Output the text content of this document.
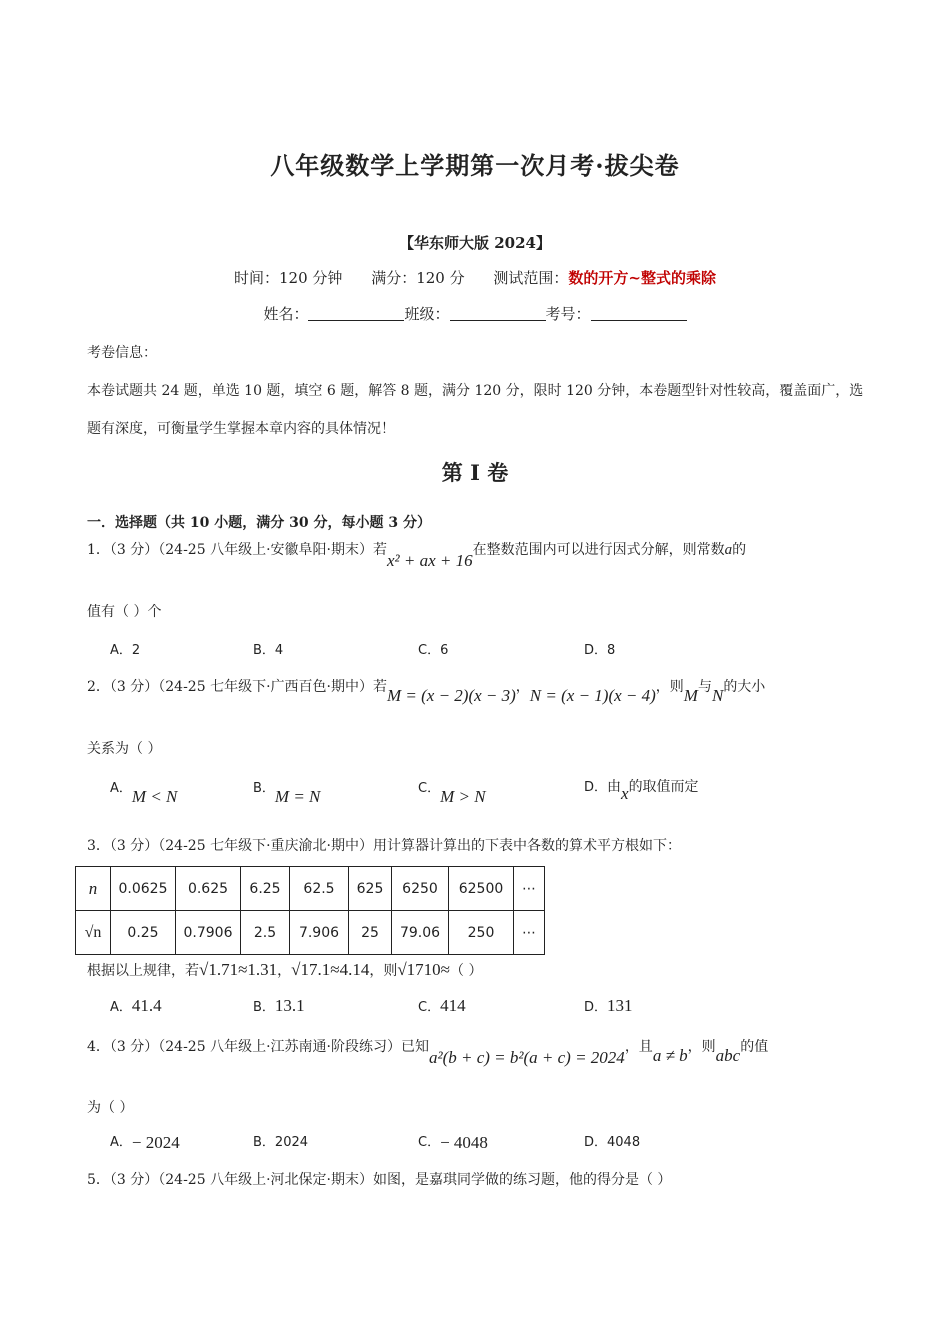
八年级数学上学期第一次月考·拔尖卷
【华东师大版 2024】
时间：120 分钟 满分：120 分 测试范围：数的开方~整式的乘除
姓名：	班级：	考号：
考卷信息：
本卷试题共 24 题，单选 10 题，填空 6 题，解答 8 题，满分 120 分，限时 120 分钟，本卷题型针对性较高，覆盖面广，选题有深度，可衡量学生掌握本章内容的具体情况！
第 I 卷
一．选择题（共 10 小题，满分 30 分，每小题 3 分）
1．（3 分）（24-25 八年级上·安徽阜阳·期末）若x² + ax + 16在整数范围内可以进行因式分解，则常数a的
值有（ ）个
A．2	B．4	C．6	D．8
2．（3 分）（24-25 七年级下·广西百色·期中）若M = (x − 2)(x − 3)，N = (x − 1)(x − 4)，则M与N的大小
关系为（ ）
A．M < N	B．M = N	C．M > N	D．由x的取值而定
3．（3 分）（24-25 七年级下·重庆渝北·期中）用计算器计算出的下表中各数的算术平方根如下：
n	0.0625	0.625	6.25	62.5	625	6250	62500	⋯
√n	0.25	0.7906	2.5	7.906	25	79.06	250	⋯
根据以上规律，若√1.71≈1.31，√17.1≈4.14，则√1710≈（ ）
A．41.4	B．13.1	C．414	D．131
4．（3 分）（24-25 八年级上·江苏南通·阶段练习）已知a²(b + c) = b²(a + c) = 2024，且a ≠ b，则abc的值
为（ ）
A．− 2024	B．2024	C．− 4048	D．4048
5．（3 分）（24-25 八年级上·河北保定·期末）如图，是嘉琪同学做的练习题，他的得分是（ ）
